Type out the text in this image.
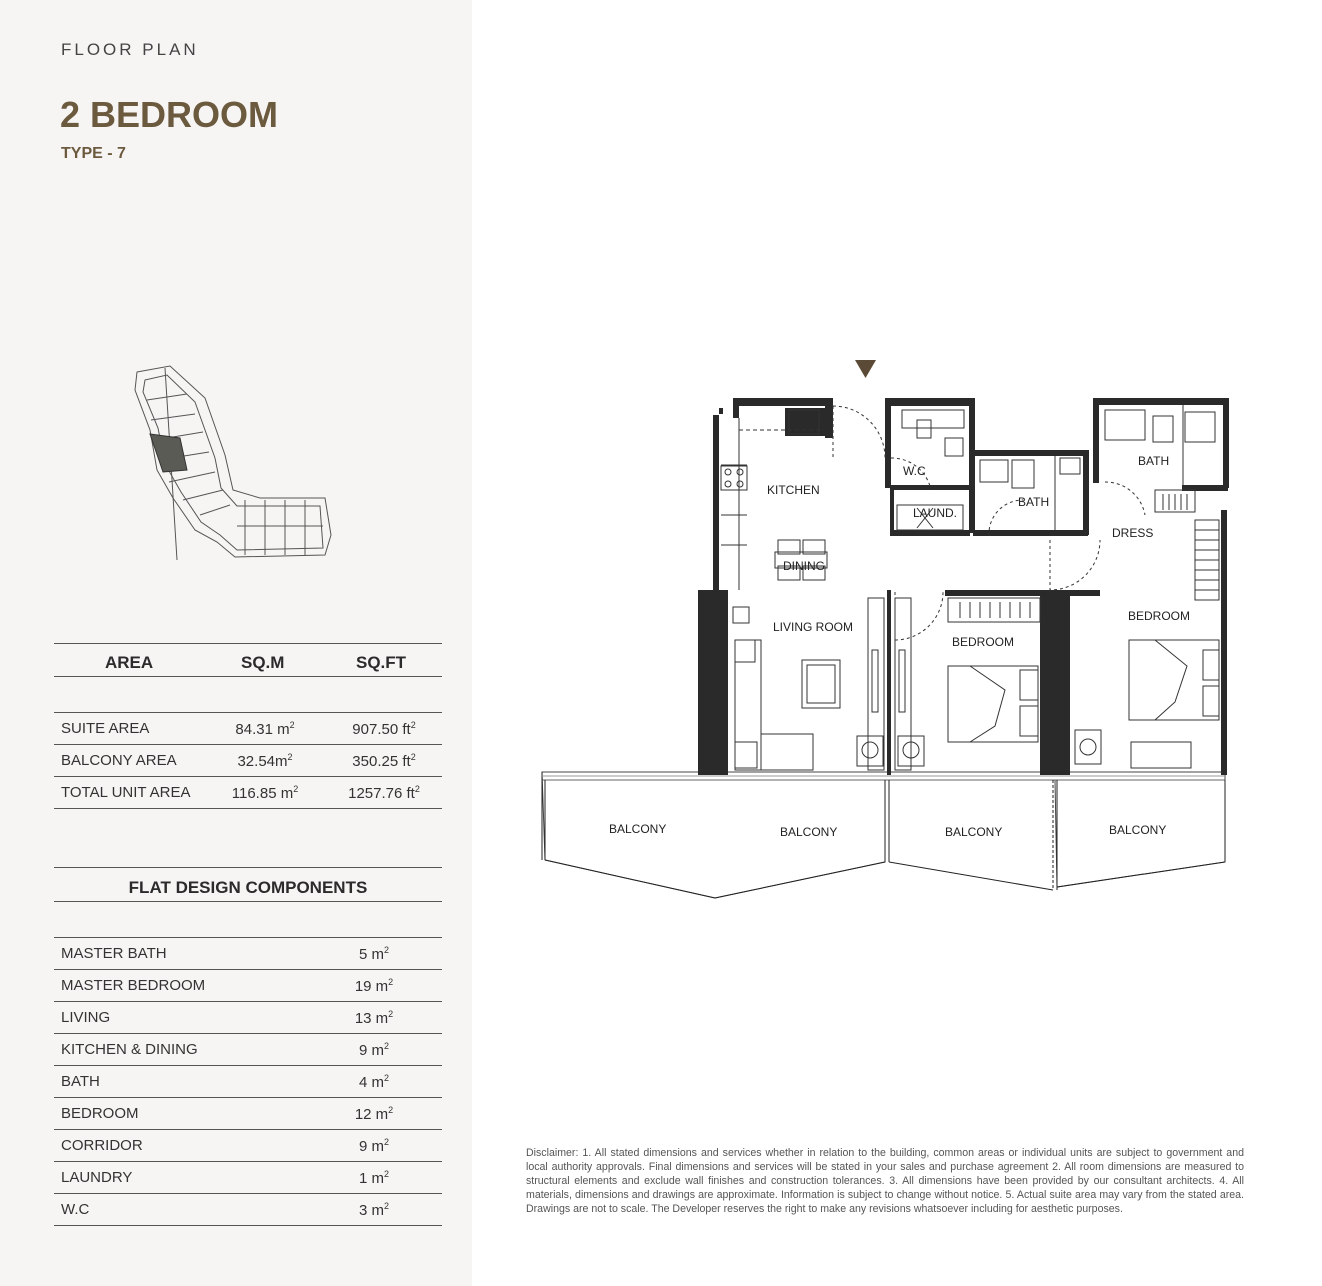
FLOOR PLAN
2 BEDROOM
TYPE - 7
AREA	SQ.M	SQ.FT
SUITE AREA	84.31 $m^2$	907.50 $ft^2$
BALCONY AREA	$32.54m^2$	350.25 $ft^2$
TOTAL UNIT AREA	116.85 $m^2$	1257.76 $ft^2$
FLAT DESIGN COMPONENTS
MASTER BATH	5 $m^2$
MASTER BEDROOM	19 $m^2$
LIVING	13 $m^2$
KITCHEN & DINING	9 $m^2$
BATH	4 $m^2$
BEDROOM	12 $m^2$
CORRIDOR	9 $m^2$
LAUNDRY	1 $m^2$
W.C	3 $m^2$
KITCHEN
DINING
LIVING ROOM
W.C
LAUND.
BATH
BATH
DRESS
BEDROOM
BEDROOM
BALCONY	BALCONY	BALCONY	BALCONY
Disclaimer: 1. All stated dimensions and services whether in relation to the building, common areas or individual units are subject to government and local authority approvals. Final dimensions and services will be stated in your sales and purchase agreement 2. All room dimensions are measured to structural elements and exclude wall finishes and construction tolerances. 3. All dimensions have been provided by our consultant architects. 4. All materials, dimensions and drawings are approximate. Information is subject to change without notice. 5. Actual suite area may vary from the stated area. Drawings are not to scale. The Developer reserves the right to make any revisions whatsoever including for aesthetic purposes.
